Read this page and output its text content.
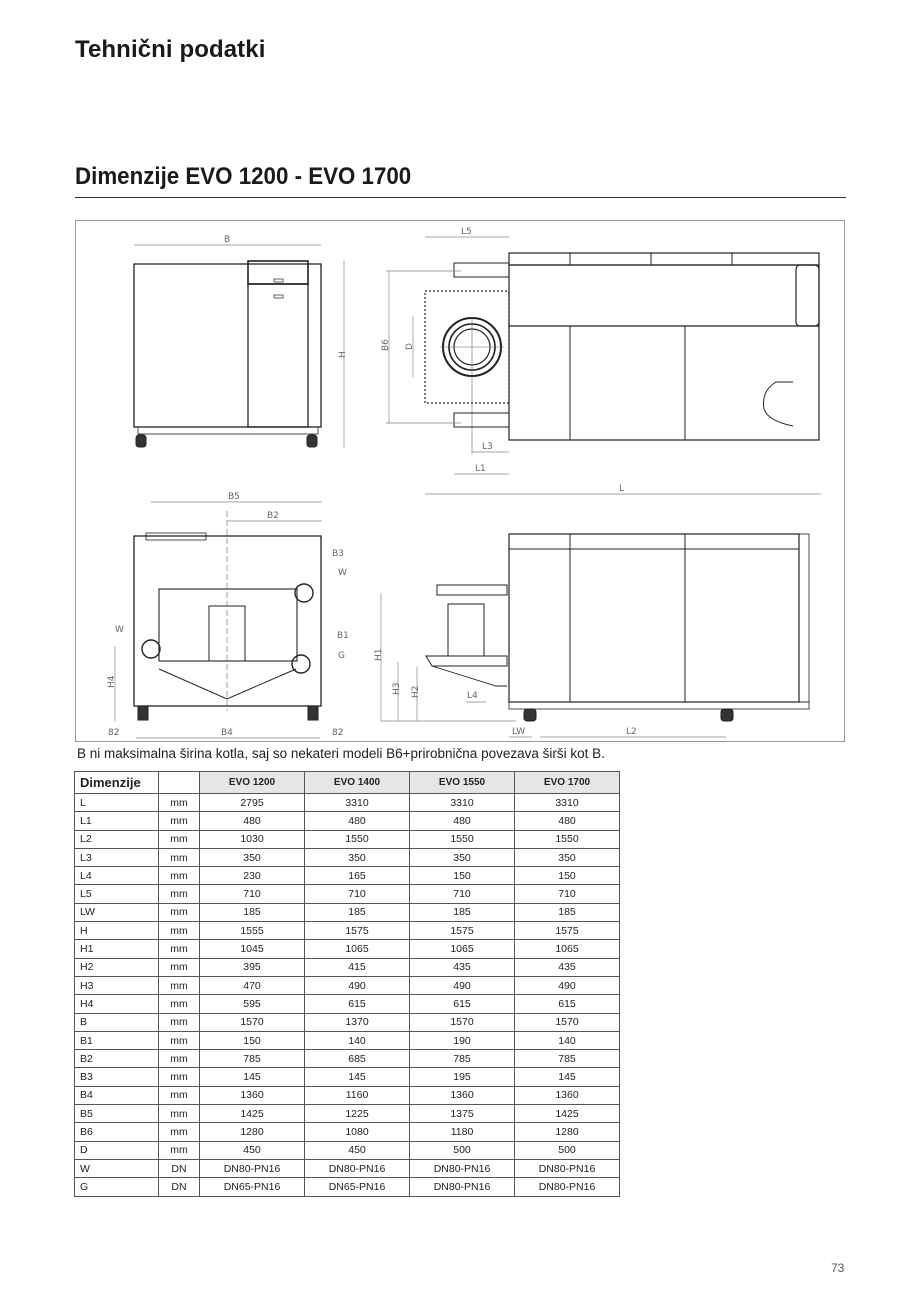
Tehnični podatki
Dimenzije EVO 1200 - EVO 1700
B
H
L5
B6 D
L3
L1
L
B5
B2
B3
W
W
B1
G
H4
82	B4	82
H1
H3 H2	L4
LW	L2
B ni maksimalna širina kotla, saj so nekateri modeli B6+prirobnična povezava širši kot B.
Dimenzije		EVO 1200	EVO 1400	EVO 1550	EVO 1700
L	mm	2795	3310	3310	3310
L1	mm	480	480	480	480
L2	mm	1030	1550	1550	1550
L3	mm	350	350	350	350
L4	mm	230	165	150	150
L5	mm	710	710	710	710
LW	mm	185	185	185	185
H	mm	1555	1575	1575	1575
H1	mm	1045	1065	1065	1065
H2	mm	395	415	435	435
H3	mm	470	490	490	490
H4	mm	595	615	615	615
B	mm	1570	1370	1570	1570
B1	mm	150	140	190	140
B2	mm	785	685	785	785
B3	mm	145	145	195	145
B4	mm	1360	1160	1360	1360
B5	mm	1425	1225	1375	1425
B6	mm	1280	1080	1180	1280
D	mm	450	450	500	500
W	DN	DN80-PN16	DN80-PN16	DN80-PN16	DN80-PN16
G	DN	DN65-PN16	DN65-PN16	DN80-PN16	DN80-PN16
73
